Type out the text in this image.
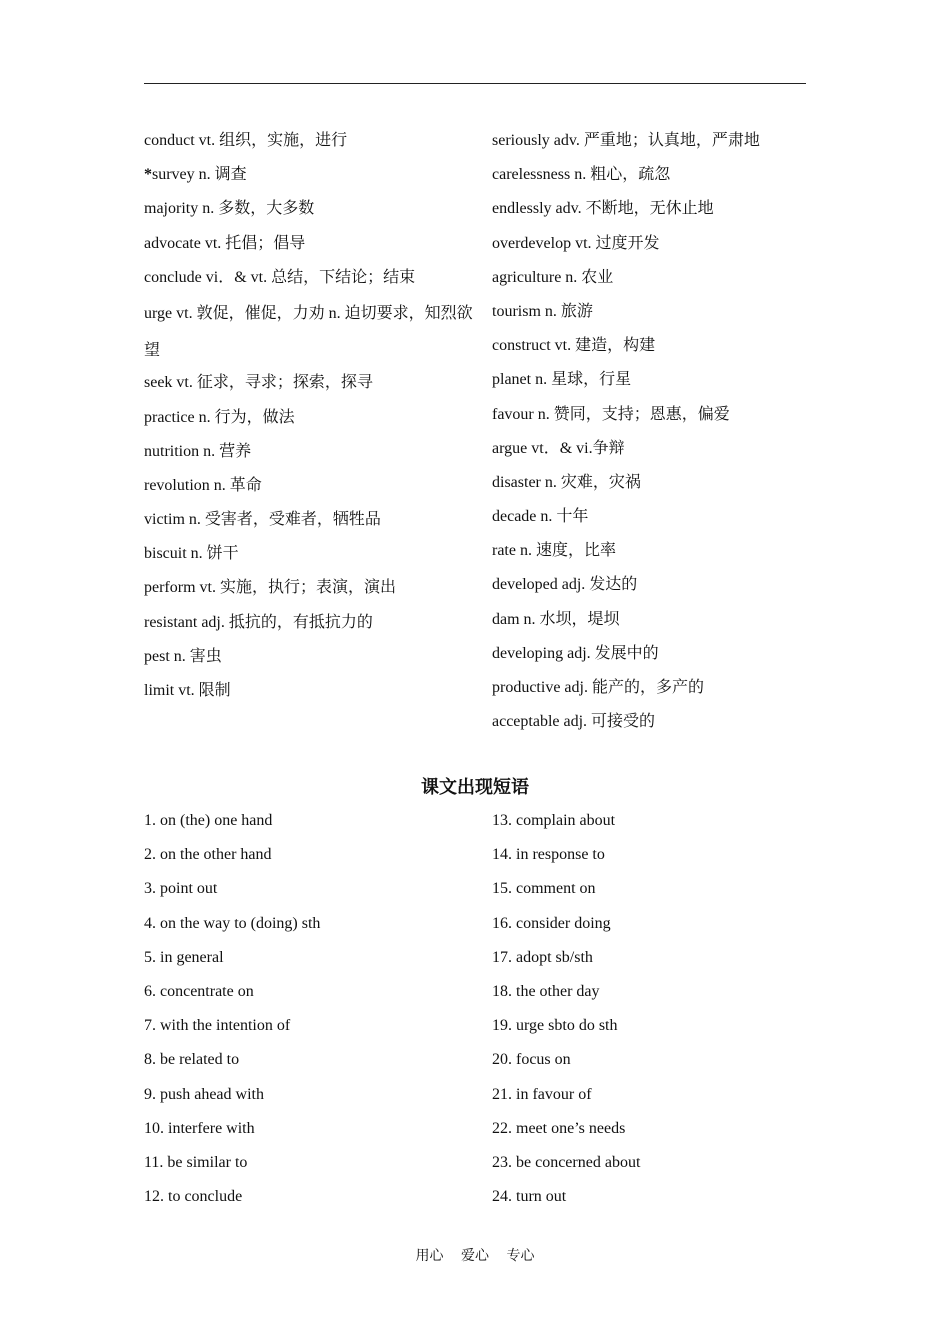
conduct vt. 组织，实施，进行
*survey n. 调查
majority n. 多数，大多数
advocate vt. 托倡；倡导
conclude vi．& vt. 总结，下结论；结束
urge vt. 敦促，催促，力劝 n. 迫切要求，知烈欲望
seek vt. 征求，寻求；探索，探寻
practice n. 行为，做法
nutrition n. 营养
revolution n. 革命
victim n. 受害者，受难者，牺牲品
biscuit n. 饼干
perform vt. 实施，执行；表演，演出
resistant adj. 抵抗的，有抵抗力的
pest n. 害虫
limit vt. 限制
seriously adv. 严重地；认真地，严肃地
carelessness n. 粗心，疏忽
endlessly adv. 不断地，无休止地
overdevelop vt. 过度开发
agriculture n. 农业
tourism n. 旅游
construct vt. 建造，构建
planet n. 星球，行星
favour n. 赞同，支持；恩惠，偏爱
argue vt．& vi.争辩
disaster n. 灾难，灾祸
decade n. 十年
rate n. 速度，比率
developed adj. 发达的
dam n. 水坝，堤坝
developing adj. 发展中的
productive adj. 能产的，多产的
acceptable adj. 可接受的
课文出现短语
1. on (the) one hand
2. on the other hand
3. point out
4. on the way to (doing) sth
5. in general
6. concentrate on
7. with the intention of
8. be related to
9. push ahead with
10. interfere with
11. be similar to
12. to conclude
13. complain about
14. in response to
15. comment on
16. consider doing
17. adopt sb/sth
18. the other day
19. urge sbto do sth
20. focus on
21. in favour of
22. meet one’s needs
23. be concerned about
24. turn out
用心 爱心 专心
